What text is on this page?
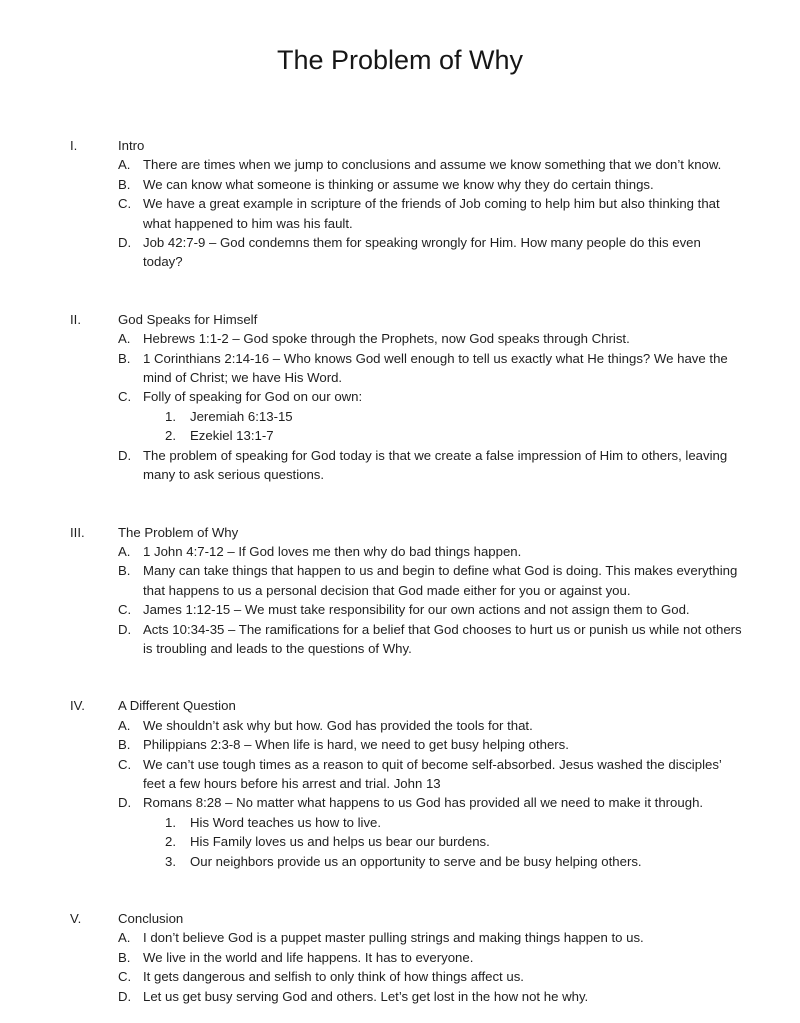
The Problem of Why
I.	Intro
A. There are times when we jump to conclusions and assume we know something that we don’t know.
B. We can know what someone is thinking or assume we know why they do certain things.
C. We have a great example in scripture of the friends of Job coming to help him but also thinking that what happened to him was his fault.
D. Job 42:7-9 – God condemns them for speaking wrongly for Him. How many people do this even today?
II.	God Speaks for Himself
A. Hebrews 1:1-2 – God spoke through the Prophets, now God speaks through Christ.
B. 1 Corinthians 2:14-16 – Who knows God well enough to tell us exactly what He things? We have the mind of Christ; we have His Word.
C. Folly of speaking for God on our own:
1.	Jeremiah 6:13-15
2.	Ezekiel 13:1-7
D. The problem of speaking for God today is that we create a false impression of Him to others, leaving many to ask serious questions.
III.	The Problem of Why
A. 1 John 4:7-12 – If God loves me then why do bad things happen.
B. Many can take things that happen to us and begin to define what God is doing. This makes everything that happens to us a personal decision that God made either for you or against you.
C. James 1:12-15 – We must take responsibility for our own actions and not assign them to God.
D. Acts 10:34-35 – The ramifications for a belief that God chooses to hurt us or punish us while not others is troubling and leads to the questions of Why.
IV.	A Different Question
A. We shouldn’t ask why but how. God has provided the tools for that.
B. Philippians 2:3-8 – When life is hard, we need to get busy helping others.
C. We can’t use tough times as a reason to quit of become self-absorbed. Jesus washed the disciples’ feet a few hours before his arrest and trial. John 13
D. Romans 8:28 – No matter what happens to us God has provided all we need to make it through.
1.	His Word teaches us how to live.
2.	His Family loves us and helps us bear our burdens.
3.	Our neighbors provide us an opportunity to serve and be busy helping others.
V.	Conclusion
A. I don’t believe God is a puppet master pulling strings and making things happen to us.
B. We live in the world and life happens. It has to everyone.
C. It gets dangerous and selfish to only think of how things affect us.
D. Let us get busy serving God and others. Let’s get lost in the how not he why.
